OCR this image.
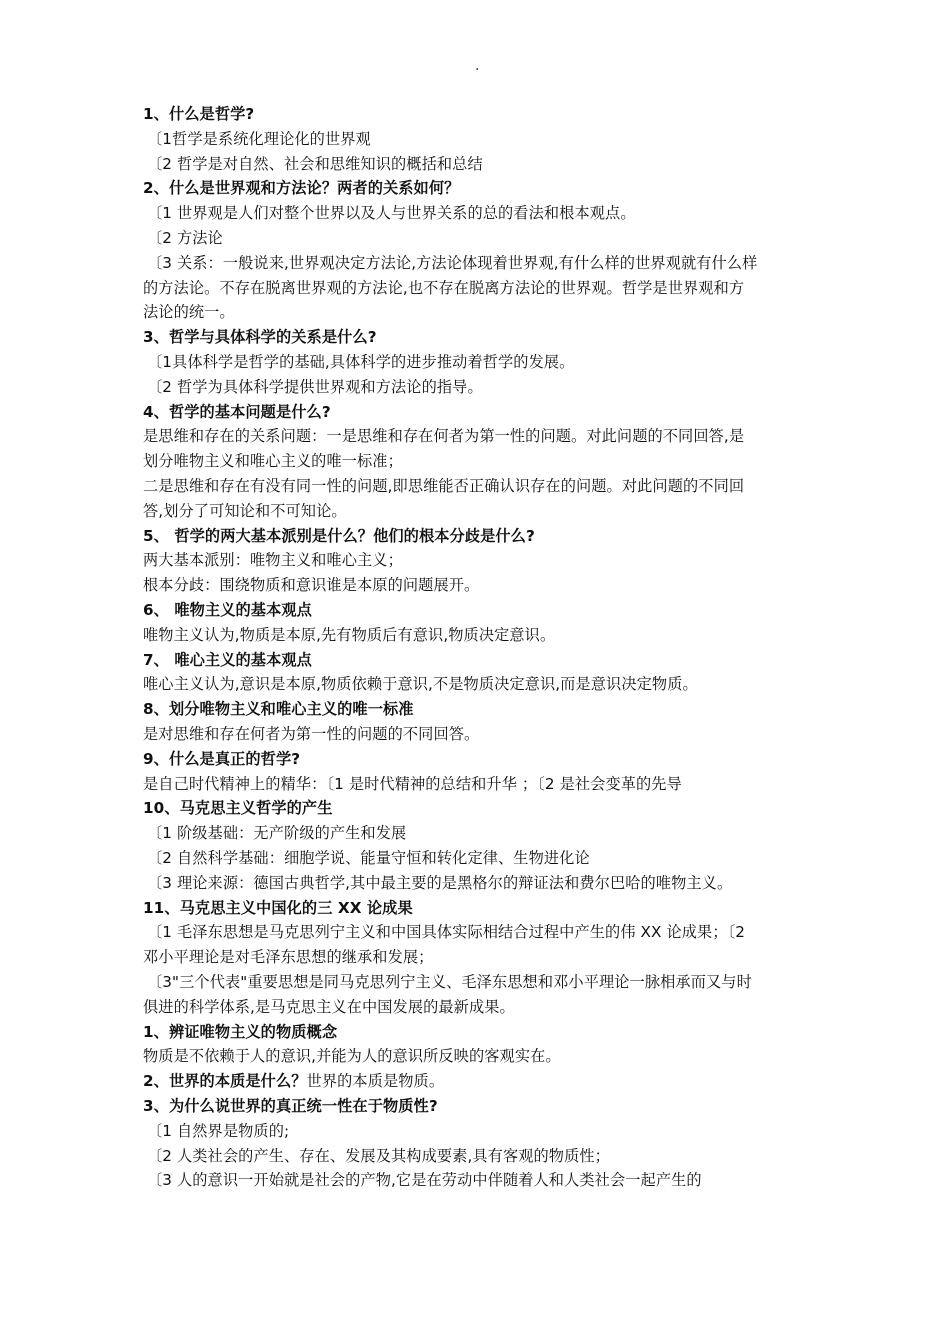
.
1、什么是哲学?
〔1哲学是系统化理论化的世界观
〔2 哲学是对自然、社会和思维知识的概括和总结
2、什么是世界观和方法论？两者的关系如何？
〔1 世界观是人们对整个世界以及人与世界关系的总的看法和根本观点。
〔2 方法论
〔3 关系：一般说来,世界观决定方法论,方法论体现着世界观,有什么样的世界观就有什么样
的方法论。不存在脱离世界观的方法论,也不存在脱离方法论的世界观。哲学是世界观和方
法论的统一。
3、哲学与具体科学的关系是什么?
〔1具体科学是哲学的基础,具体科学的进步推动着哲学的发展。
〔2 哲学为具体科学提供世界观和方法论的指导。
4、哲学的基本问题是什么?
是思维和存在的关系问题：一是思维和存在何者为第一性的问题。对此问题的不同回答,是
划分唯物主义和唯心主义的唯一标准；
二是思维和存在有没有同一性的问题,即思维能否正确认识存在的问题。对此问题的不同回
答,划分了可知论和不可知论。
5、 哲学的两大基本派别是什么？他们的根本分歧是什么?
两大基本派别：唯物主义和唯心主义；
根本分歧：围绕物质和意识谁是本原的问题展开。
6、 唯物主义的基本观点
唯物主义认为,物质是本原,先有物质后有意识,物质决定意识。
7、 唯心主义的基本观点
唯心主义认为,意识是本原,物质依赖于意识,不是物质决定意识,而是意识决定物质。
8、划分唯物主义和唯心主义的唯一标准
是对思维和存在何者为第一性的问题的不同回答。
9、什么是真正的哲学?
是自己时代精神上的精华：〔1 是时代精神的总结和升华 ；〔2 是社会变革的先导
10、马克思主义哲学的产生
〔1 阶级基础：无产阶级的产生和发展
〔2 自然科学基础：细胞学说、能量守恒和转化定律、生物进化论
〔3 理论来源：德国古典哲学,其中最主要的是黑格尔的辩证法和费尔巴哈的唯物主义。
11、马克思主义中国化的三 XX 论成果
〔1 毛泽东思想是马克思列宁主义和中国具体实际相结合过程中产生的伟 XX 论成果；〔2
邓小平理论是对毛泽东思想的继承和发展；
〔3"三个代表"重要思想是同马克思列宁主义、毛泽东思想和邓小平理论一脉相承而又与时
俱进的科学体系,是马克思主义在中国发展的最新成果。
1、辨证唯物主义的物质概念
物质是不依赖于人的意识,并能为人的意识所反映的客观实在。
2、世界的本质是什么？世界的本质是物质。
3、为什么说世界的真正统一性在于物质性?
〔1 自然界是物质的;
〔2 人类社会的产生、存在、发展及其构成要素,具有客观的物质性；
〔3 人的意识一开始就是社会的产物,它是在劳动中伴随着人和人类社会一起产生的
